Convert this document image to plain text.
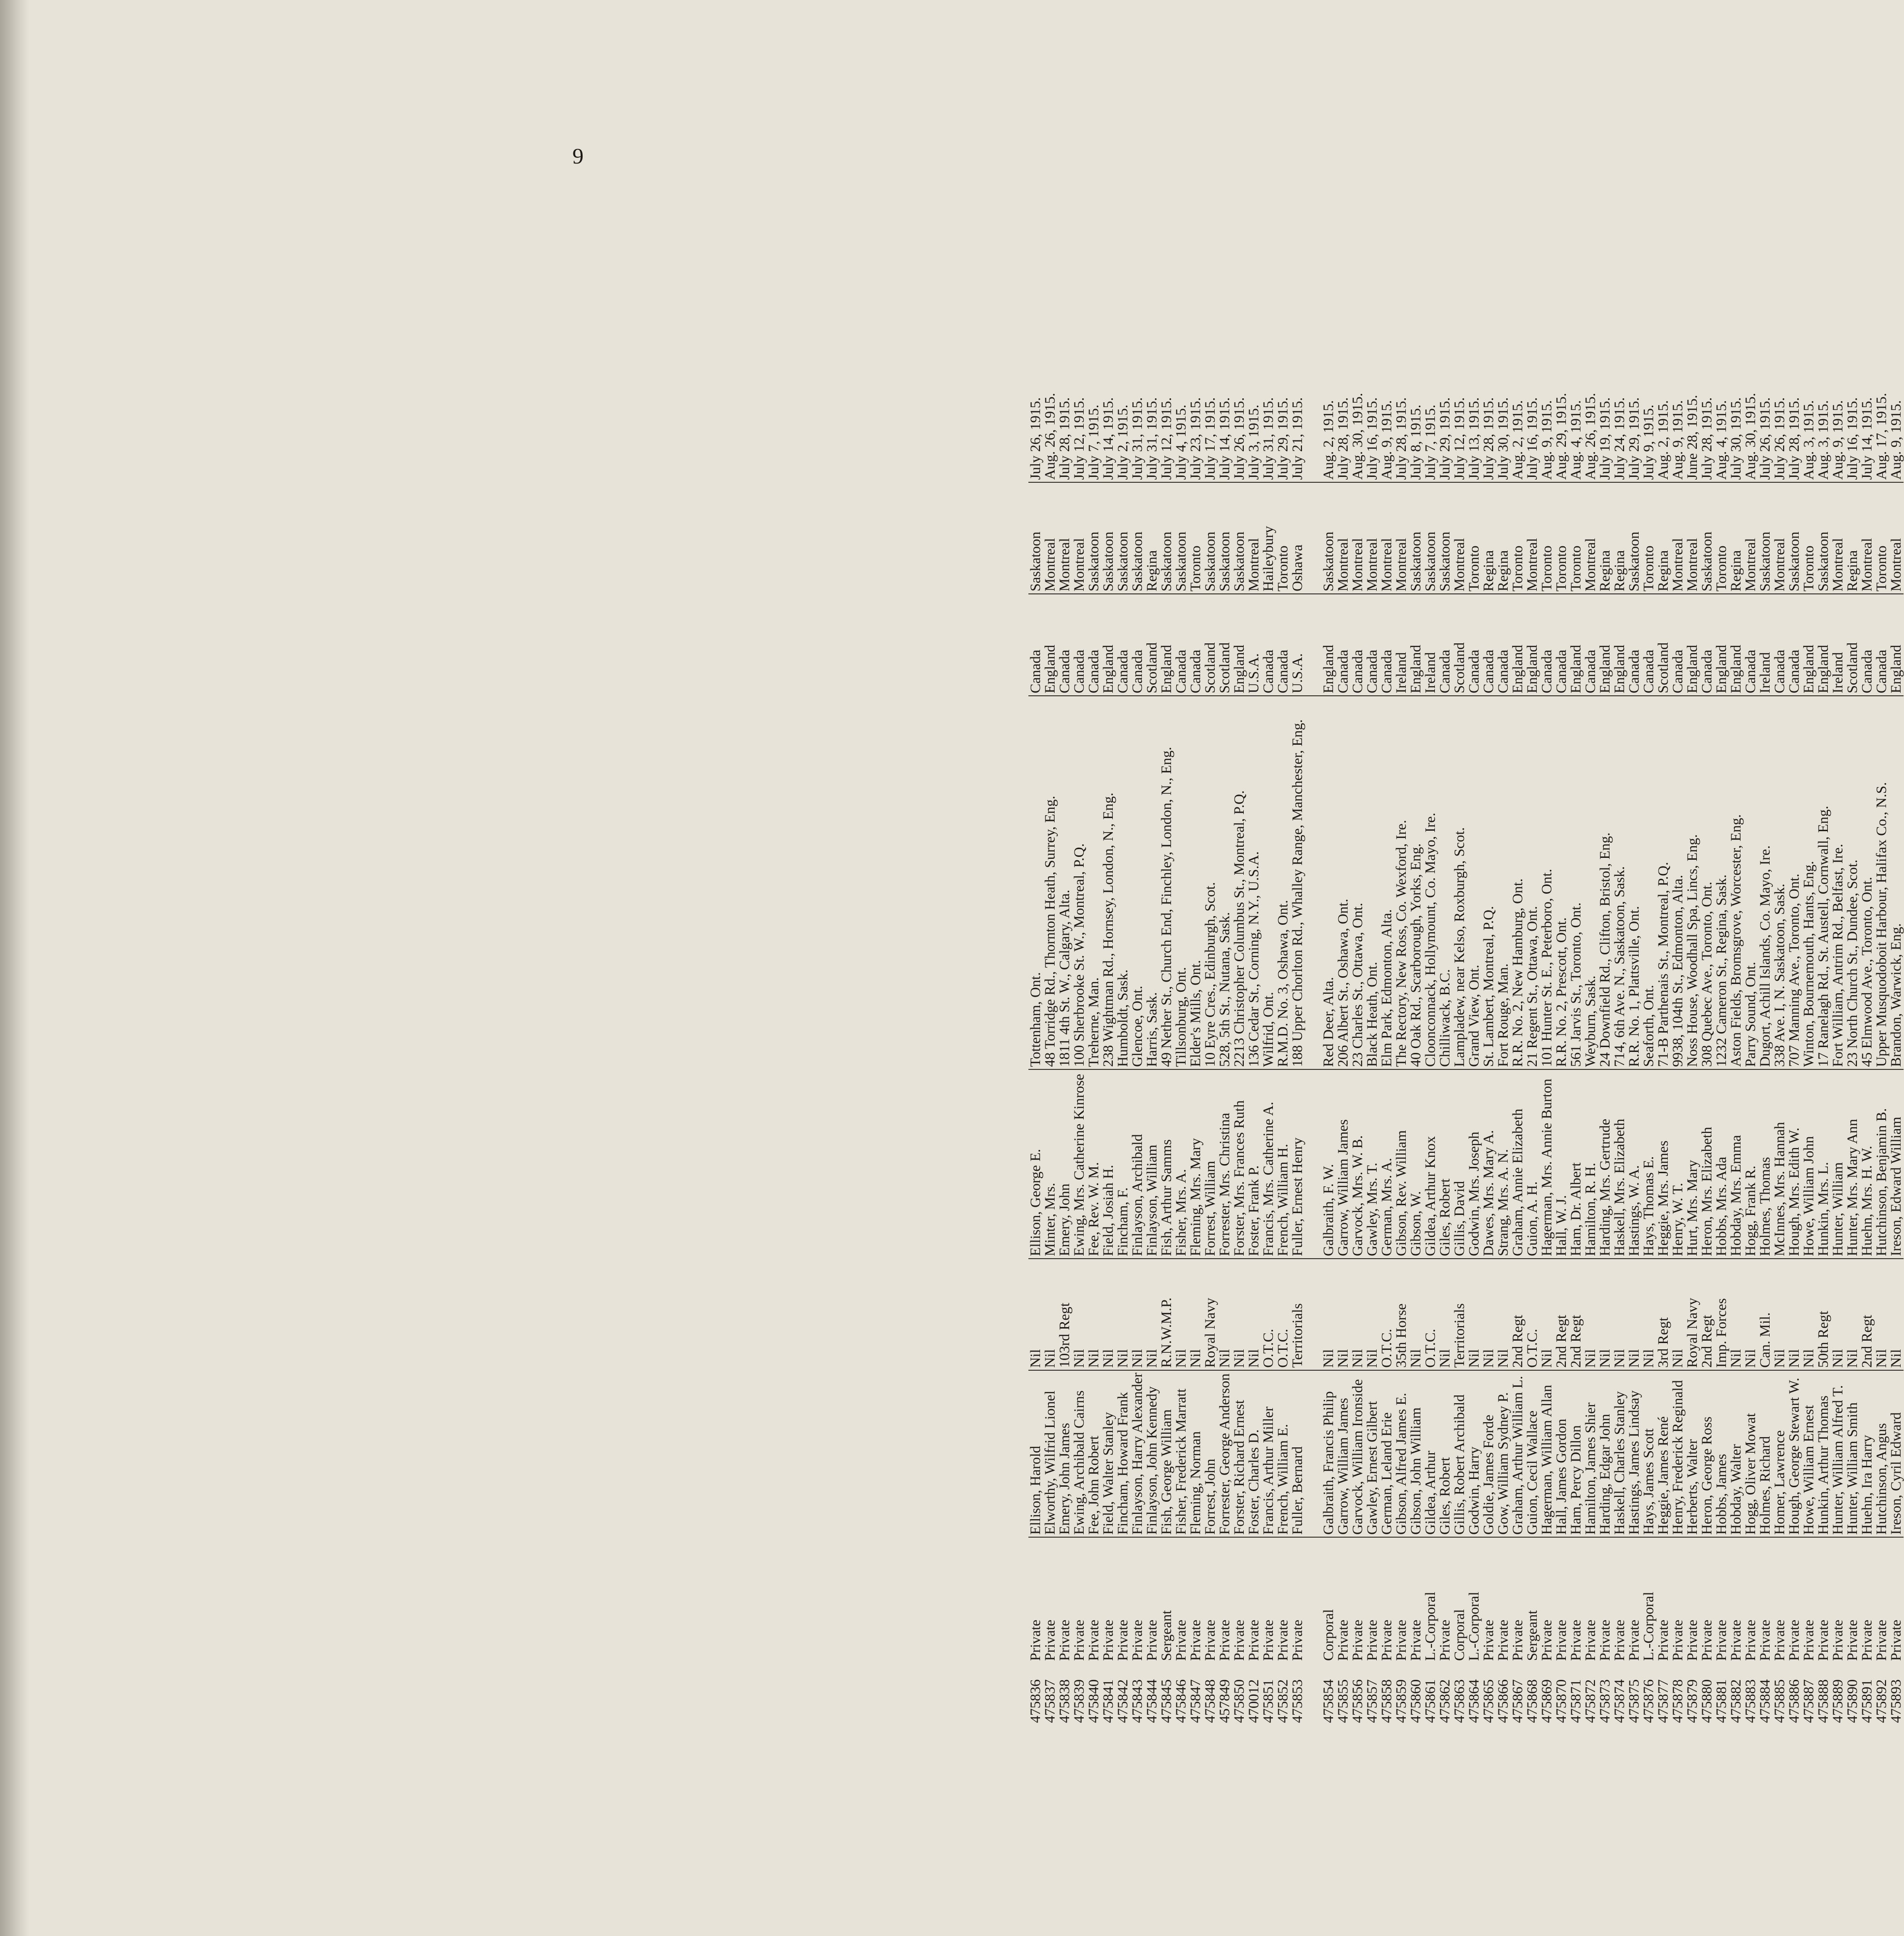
9
475836	Private	Ellison, Harold	Nil	Ellison, George E.	Tottenham, Ont.	Canada	Saskatoon	July 26, 1915.
475837	Private	Elworthy, Wilfrid Lionel	Nil	Minter, Mrs.	48 Torridge Rd., Thornton Heath, Surrey, Eng.	England	Montreal	Aug. 26, 1915.
475838	Private	Emery, John James	103rd Regt	Emery, John	1811 4th St. W., Calgary, Alta.	Canada	Montreal	July 28, 1915.
475839	Private	Ewing, Archibald Cairns	Nil	Ewing, Mrs. Catherine Kinrose	100 Sherbrooke St. W., Montreal, P.Q.	Canada	Montreal	July 12, 1915.
475840	Private	Fee, John Robert	Nil	Fee, Rev. W. M.	Treherne, Man.	Canada	Saskatoon	July 7, 1915.
475841	Private	Field, Walter Stanley	Nil	Field, Josiah H.	238 Wightman Rd., Hornsey, London, N., Eng.	England	Saskatoon	July 14, 1915.
475842	Private	Fincham, Howard Frank	Nil	Fincham, F.	Humboldt, Sask.	Canada	Saskatoon	July 2, 1915.
475843	Private	Finlayson, Harry Alexander	Nil	Finlayson, Archibald	Glencoe, Ont.	Canada	Saskatoon	July 31, 1915.
475844	Private	Finlayson, John Kennedy	Nil	Finlayson, William	Harris, Sask.	Scotland	Regina	July 31, 1915.
475845	Sergeant	Fish, George William	R.N.W.M.P.	Fish, Arthur Samms	49 Nether St., Church End, Finchley, London, N., Eng.	England	Saskatoon	July 12, 1915.
475846	Private	Fisher, Frederick Marratt	Nil	Fisher, Mrs. A.	Tillsonburg, Ont.	Canada	Saskatoon	July 4, 1915.
475847	Private	Fleming, Norman	Nil	Fleming, Mrs. Mary	Elder's Mills, Ont.	Canada	Toronto	July 23, 1915.
475848	Private	Forrest, John	Royal Navy	Forrest, William	10 Eyre Cres., Edinburgh, Scot.	Scotland	Saskatoon	July 17, 1915.
457849	Private	Forrester, George Anderson	Nil	Forrester, Mrs. Christina	528, 5th St., Nutana, Sask.	Scotland	Saskatoon	July 14, 1915.
475850	Private	Forster, Richard Ernest	Nil	Forster, Mrs. Frances Ruth	2213 Christopher Columbus St., Montreal, P.Q.	England	Saskatoon	July 26, 1915.
470012	Private	Foster, Charles D.	Nil	Foster, Frank P.	136 Cedar St., Corning, N.Y., U.S.A.	U.S.A.	Montreal	July 3, 1915.
475851	Private	Francis, Arthur Miller	O.T.C.	Francis, Mrs. Catherine A.	Wilfrid, Ont.	Canada	Haileybury	July 31, 1915.
475852	Private	French, William E.	O.T.C.	French, William H.	R.M.D. No. 3, Oshawa, Ont.	Canada	Toronto	July 29, 1915.
475853	Private	Fuller, Bernard	Territorials	Fuller, Ernest Henry	188 Upper Chorlton Rd., Whalley Range, Manchester, Eng.	U.S.A.	Oshawa	July 21, 1915.

475854	Corporal	Galbraith, Francis Philip	Nil	Galbraith, F. W.	Red Deer, Alta.	England	Saskatoon	Aug. 2, 1915.
475855	Private	Garrow, William James	Nil	Garrow, William James	206 Albert St., Oshawa, Ont.	Canada	Montreal	July 28, 1915.
475856	Private	Garvock, William Ironside	Nil	Garvock, Mrs. W. B.	23 Charles St., Ottawa, Ont.	Canada	Montreal	Aug. 30, 1915.
475857	Private	Gawley, Ernest Gilbert	Nil	Gawley, Mrs. T.	Black Heath, Ont.	Canada	Montreal	July 16, 1915.
475858	Private	German, Leland Erie	O.T.C.	German, Mrs. A.	Elm Park, Edmonton, Alta.	Canada	Montreal	Aug. 9, 1915.
475859	Private	Gibson, Alfred James E.	35th Horse	Gibson, Rev. William	The Rectory, New Ross, Co. Wexford, Ire.	Ireland	Montreal	July 28, 1915.
475860	Private	Gibson, John William	Nil	Gibson, W.	40 Oak Rd., Scarborough, Yorks, Eng.	England	Saskatoon	July 8, 1915.
475861	L.-Corporal	Gildea, Arthur	O.T.C.	Gildea, Arthur Knox	Cloonconnack, Hollymount, Co. Mayo, Ire.	Ireland	Saskatoon	July 7, 1915.
475862	Private	Giles, Robert	Nil	Giles, Robert	Chilliwack, B.C.	Canada	Saskatoon	July 29, 1915.
475863	Corporal	Gillis, Robert Archibald	Territorials	Gillis, David	Lampladew, near Kelso, Roxburgh, Scot.	Scotland	Montreal	July 12, 1915.
475864	L.-Corporal	Godwin, Harry	Nil	Godwin, Mrs. Joseph	Grand View, Ont.	Canada	Toronto	July 13, 1915.
475865	Private	Goldie, James Forde	Nil	Dawes, Mrs. Mary A.	St. Lambert, Montreal, P.Q.	Canada	Regina	July 28, 1915.
475866	Private	Gow, William Sydney P.	Nil	Strang, Mrs. A. N.	Fort Rouge, Man.	Canada	Regina	July 30, 1915.
475867	Private	Graham, Arthur William L.	2nd Regt	Graham, Annie Elizabeth	R.R. No. 2, New Hamburg, Ont.	England	Toronto	Aug. 2, 1915.
475868	Sergeant	Guion, Cecil Wallace	O.T.C.	Guion, A. H.	21 Regent St., Ottawa, Ont.	England	Montreal	July 16, 1915.
475869	Private	Hagerman, William Allan	Nil	Hagerman, Mrs. Annie Burton	101 Hunter St. E., Peterboro, Ont.	Canada	Toronto	Aug. 9, 1915.
475870	Private	Hall, James Gordon	2nd Regt	Hall, W. J.	R.R. No. 2, Prescott, Ont.	Canada	Toronto	Aug. 29, 1915.
475871	Private	Ham, Percy Dillon	2nd Regt	Ham, Dr. Albert	561 Jarvis St., Toronto, Ont.	England	Toronto	Aug. 4, 1915.
475872	Private	Hamilton, James Shier	Nil	Hamilton, R. H.	Weyburn, Sask.	Canada	Montreal	Aug. 26, 1915.
475873	Private	Harding, Edgar John	Nil	Harding, Mrs. Gertrude	24 Downfield Rd., Clifton, Bristol, Eng.	England	Regina	July 19, 1915.
475874	Private	Haskell, Charles Stanley	Nil	Haskell, Mrs. Elizabeth	714, 6th Ave. N., Saskatoon, Sask.	England	Regina	July 24, 1915.
475875	Private	Hastings, James Lindsay	Nil	Hastings, W. A.	R.R. No. 1, Plattsville, Ont.	Canada	Saskatoon	July 29, 1915.
475876	L.-Corporal	Hays, James Scott	Nil	Hays, Thomas E.	Seaforth, Ont.	Canada	Toronto	July 9, 1915.
475877	Private	Heggie, James René	3rd Regt	Heggie, Mrs. James	71-B Parthenais St., Montreal, P.Q.	Scotland	Regina	Aug. 2, 1915.
475878	Private	Henry, Frederick Reginald	Nil	Henry, W. T.	9938, 104th St., Edmonton, Alta.	Canada	Montreal	Aug. 9, 1915.
475879	Private	Herberts, Walter	Royal Navy	Hurt, Mrs. Mary	Noss House, Woodhall Spa, Lincs, Eng.	England	Montreal	June 28, 1915.
475880	Private	Heron, George Ross	2nd Regt	Heron, Mrs. Elizabeth	308 Quebec Ave., Toronto, Ont.	Canada	Saskatoon	July 28, 1915.
475881	Private	Hobbs, James	Imp. Forces	Hobbs, Mrs. Ada	1232 Cameron St., Regina, Sask.	England	Toronto	Aug. 4, 1915.
475882	Private	Hobday, Walter	Nil	Hobday, Mrs. Emma	Aston Fields, Bromsgrove, Worcester, Eng.	England	Regina	July 30, 1915.
475883	Private	Hogg, Oliver Mowat	Nil	Hogg, Frank R.	Parry Sound, Ont.	Canada	Montreal	Aug. 30, 1915.
475884	Private	Holmes, Richard	Can. Mil.	Holmes, Thomas	Dugort, Achill Islands, Co. Mayo, Ire.	Ireland	Saskatoon	July 26, 1915.
475885	Private	Homer, Lawrence	Nil	McInnes, Mrs. Hannah	338 Ave. I, N. Saskatoon, Sask.	Canada	Montreal	July 26, 1915.
475886	Private	Hough, George Stewart W.	Nil	Hough, Mrs. Edith W.	707 Manning Ave., Toronto, Ont.	Canada	Saskatoon	July 28, 1915.
475887	Private	Howe, William Ernest	Nil	Howe, William John	Winton, Bournemouth, Hants, Eng.	England	Toronto	Aug. 3, 1915.
475888	Private	Hunkin, Arthur Thomas	50th Regt	Hunkin, Mrs. L.	17 Ranelagh Rd., St. Austell, Cornwall, Eng.	England	Saskatoon	Aug. 3, 1915.
475889	Private	Hunter, William Alfred T.	Nil	Hunter, William	Fort William, Antrim Rd., Belfast, Ire.	Ireland	Montreal	Aug. 9, 1915.
475890	Private	Hunter, William Smith	Nil	Hunter, Mrs. Mary Ann	23 North Church St., Dundee, Scot.	Scotland	Regina	July 16, 1915.
475891	Private	Huehn, Ira Harry	2nd Regt	Huehn, Mrs. H. W.	45 Elmwood Ave., Toronto, Ont.	Canada	Montreal	July 14, 1915.
475892	Private	Hutchinson, Angus	Nil	Hutchinson, Benjamin B.	Upper Musquodoboit Harbour, Halifax Co., N.S.	Canada	Toronto	Aug. 17, 1915.
475893	Private	Ireson, Cyril Edward	Nil	Ireson, Edward William	Brandon, Warwick, Eng.	England	Montreal	Aug. 9, 1915.
